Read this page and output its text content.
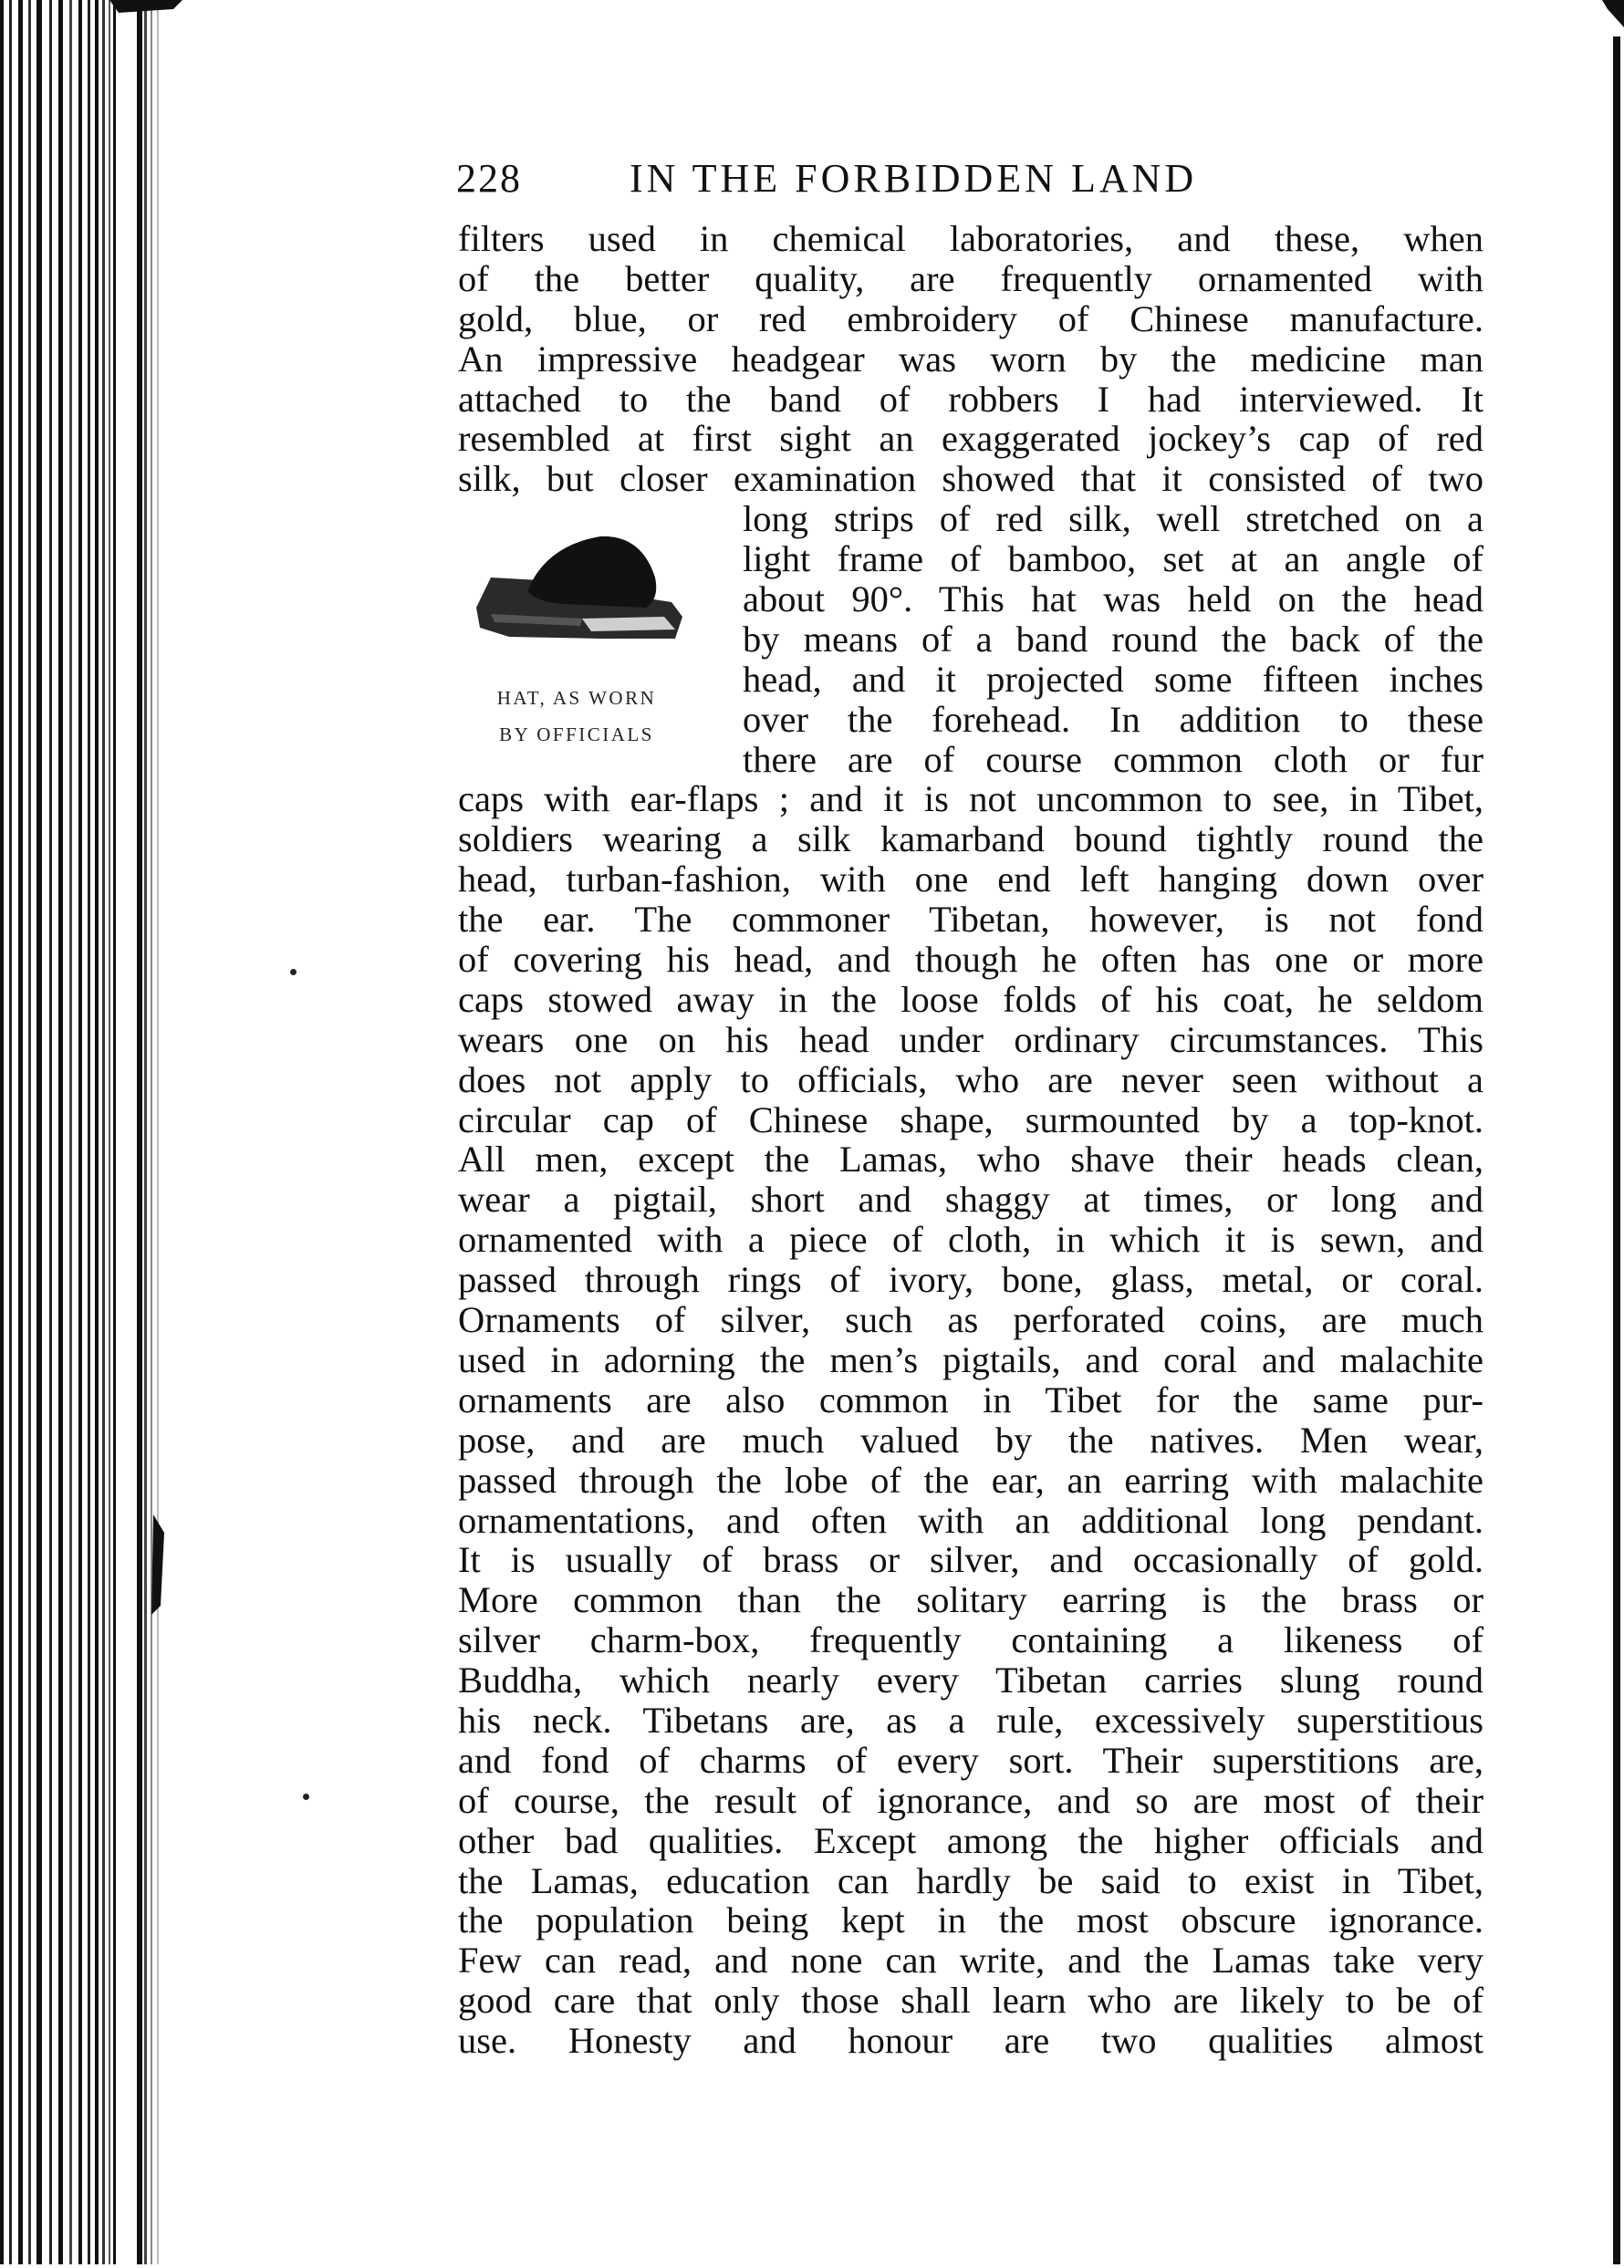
228	IN THE FORBIDDEN LAND
HAT, AS WORN
BY OFFICIALS
filters used in chemical laboratories, and these, when
of the better quality, are frequently ornamented with
gold, blue, or red embroidery of Chinese manufacture.
An impressive headgear was worn by the medicine man
attached to the band of robbers I had interviewed. It
resembled at first sight an exaggerated jockey’s cap of red
silk, but closer examination showed that it consisted of two
long strips of red silk, well stretched on a
light frame of bamboo, set at an angle of
about 90°. This hat was held on the head
by means of a band round the back of the
head, and it projected some fifteen inches
over the forehead. In addition to these
there are of course common cloth or fur
caps with ear-flaps ; and it is not uncommon to see, in Tibet,
soldiers wearing a silk kamarband bound tightly round the
head, turban-fashion, with one end left hanging down over
the ear. The commoner Tibetan, however, is not fond
of covering his head, and though he often has one or more
caps stowed away in the loose folds of his coat, he seldom
wears one on his head under ordinary circumstances. This
does not apply to officials, who are never seen without a
circular cap of Chinese shape, surmounted by a top-knot.
All men, except the Lamas, who shave their heads clean,
wear a pigtail, short and shaggy at times, or long and
ornamented with a piece of cloth, in which it is sewn, and
passed through rings of ivory, bone, glass, metal, or coral.
Ornaments of silver, such as perforated coins, are much
used in adorning the men’s pigtails, and coral and malachite
ornaments are also common in Tibet for the same pur-
pose, and are much valued by the natives. Men wear,
passed through the lobe of the ear, an earring with malachite
ornamentations, and often with an additional long pendant.
It is usually of brass or silver, and occasionally of gold.
More common than the solitary earring is the brass or
silver charm-box, frequently containing a likeness of
Buddha, which nearly every Tibetan carries slung round
his neck. Tibetans are, as a rule, excessively superstitious
and fond of charms of every sort. Their superstitions are,
of course, the result of ignorance, and so are most of their
other bad qualities. Except among the higher officials and
the Lamas, education can hardly be said to exist in Tibet,
the population being kept in the most obscure ignorance.
Few can read, and none can write, and the Lamas take very
good care that only those shall learn who are likely to be of
use. Honesty and honour are two qualities almost
